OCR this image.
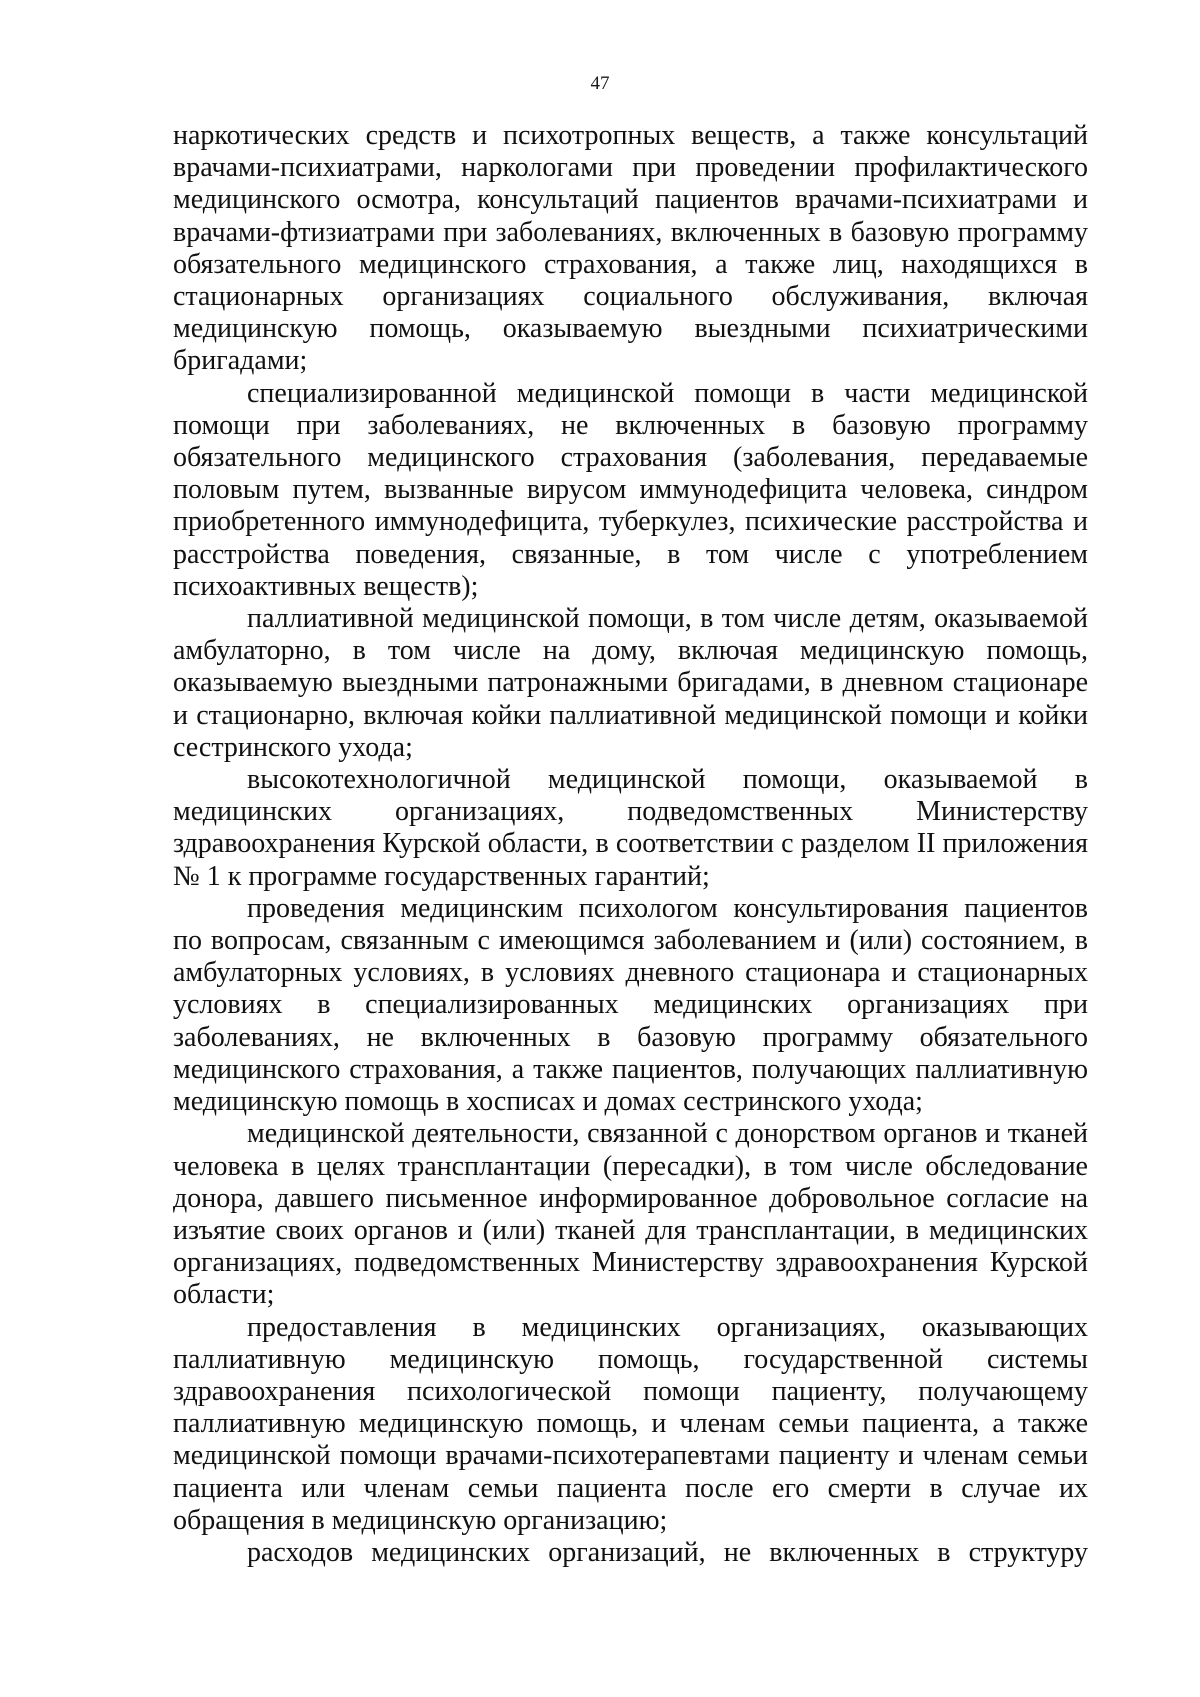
47

наркотических средств и психотропных веществ, а также консультаций врачами-психиатрами, наркологами при проведении профилактического медицинского осмотра, консультаций пациентов врачами-психиатрами и врачами-фтизиатрами при заболеваниях, включенных в базовую программу обязательного медицинского страхования, а также лиц, находящихся в стационарных организациях социального обслуживания, включая медицинскую помощь, оказываемую выездными психиатрическими бригадами;

специализированной медицинской помощи в части медицинской помощи при заболеваниях, не включенных в базовую программу обязательного медицинского страхования (заболевания, передаваемые половым путем, вызванные вирусом иммунодефицита человека, синдром приобретенного иммунодефицита, туберкулез, психические расстройства и расстройства поведения, связанные, в том числе с употреблением психоактивных веществ);

паллиативной медицинской помощи, в том числе детям, оказываемой амбулаторно, в том числе на дому, включая медицинскую помощь, оказываемую выездными патронажными бригадами, в дневном стационаре и стационарно, включая койки паллиативной медицинской помощи и койки сестринского ухода;

высокотехнологичной медицинской помощи, оказываемой в медицинских организациях, подведомственных Министерству здравоохранения Курской области, в соответствии с разделом II приложения № 1 к программе государственных гарантий;

проведения медицинским психологом консультирования пациентов по вопросам, связанным с имеющимся заболеванием и (или) состоянием, в амбулаторных условиях, в условиях дневного стационара и стационарных условиях в специализированных медицинских организациях при заболеваниях, не включенных в базовую программу обязательного медицинского страхования, а также пациентов, получающих паллиативную медицинскую помощь в хосписах и домах сестринского ухода;

медицинской деятельности, связанной с донорством органов и тканей человека в целях трансплантации (пересадки), в том числе обследование донора, давшего письменное информированное добровольное согласие на изъятие своих органов и (или) тканей для трансплантации, в медицинских организациях, подведомственных Министерству здравоохранения Курской области;

предоставления в медицинских организациях, оказывающих паллиативную медицинскую помощь, государственной системы здравоохранения психологической помощи пациенту, получающему паллиативную медицинскую помощь, и членам семьи пациента, а также медицинской помощи врачами-психотерапевтами пациенту и членам семьи пациента или членам семьи пациента после его смерти в случае их обращения в медицинскую организацию;

расходов медицинских организаций, не включенных в структуру
